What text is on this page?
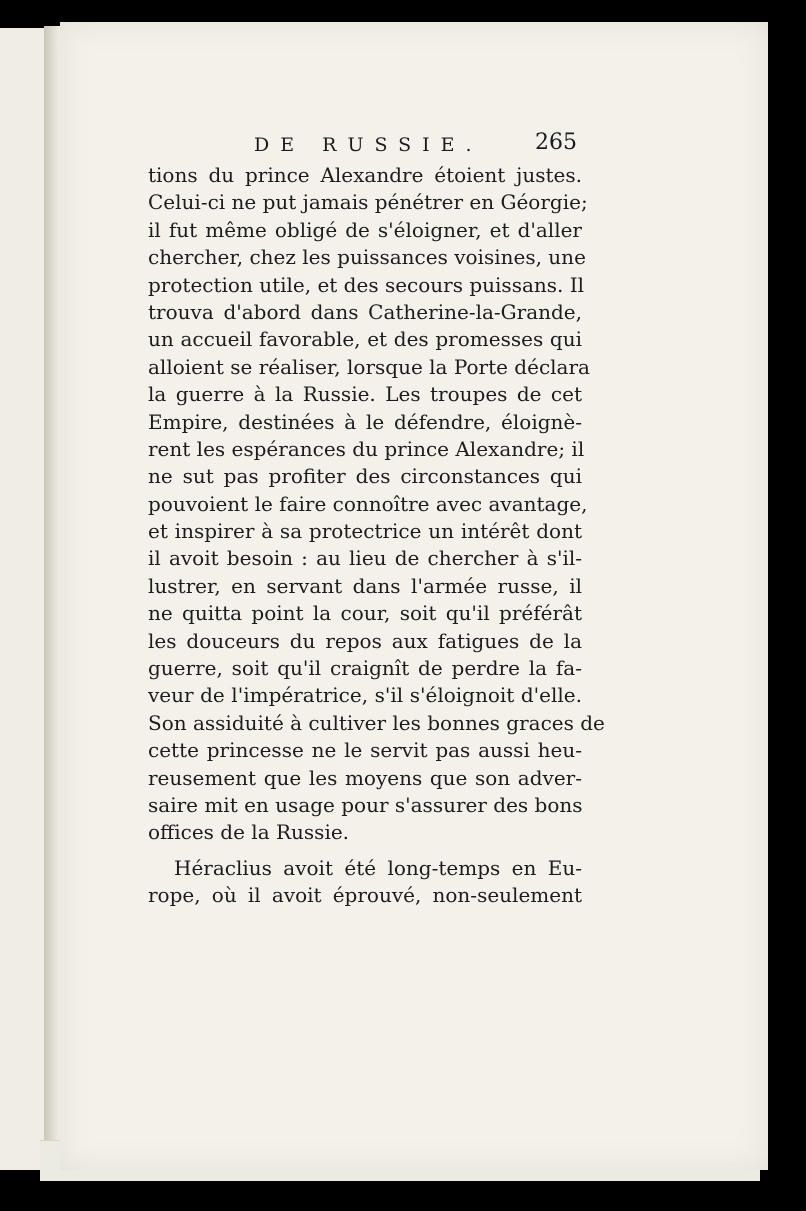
DE RUSSIE. 265
tions du prince Alexandre étoient justes.
Celui-ci ne put jamais pénétrer en Géorgie;
il fut même obligé de s'éloigner, et d'aller
chercher, chez les puissances voisines, une
protection utile, et des secours puissans. Il
trouva d'abord dans Catherine-la-Grande,
un accueil favorable, et des promesses qui
alloient se réaliser, lorsque la Porte déclara
la guerre à la Russie. Les troupes de cet
Empire, destinées à le défendre, éloignè-
rent les espérances du prince Alexandre; il
ne sut pas profiter des circonstances qui
pouvoient le faire connoître avec avantage,
et inspirer à sa protectrice un intérêt dont
il avoit besoin : au lieu de chercher à s'il-
lustrer, en servant dans l'armée russe, il
ne quitta point la cour, soit qu'il préférât
les douceurs du repos aux fatigues de la
guerre, soit qu'il craignît de perdre la fa-
veur de l'impératrice, s'il s'éloignoit d'elle.
Son assiduité à cultiver les bonnes graces de
cette princesse ne le servit pas aussi heu-
reusement que les moyens que son adver-
saire mit en usage pour s'assurer des bons
offices de la Russie.
Héraclius avoit été long-temps en Eu-
rope, où il avoit éprouvé, non-seulement
